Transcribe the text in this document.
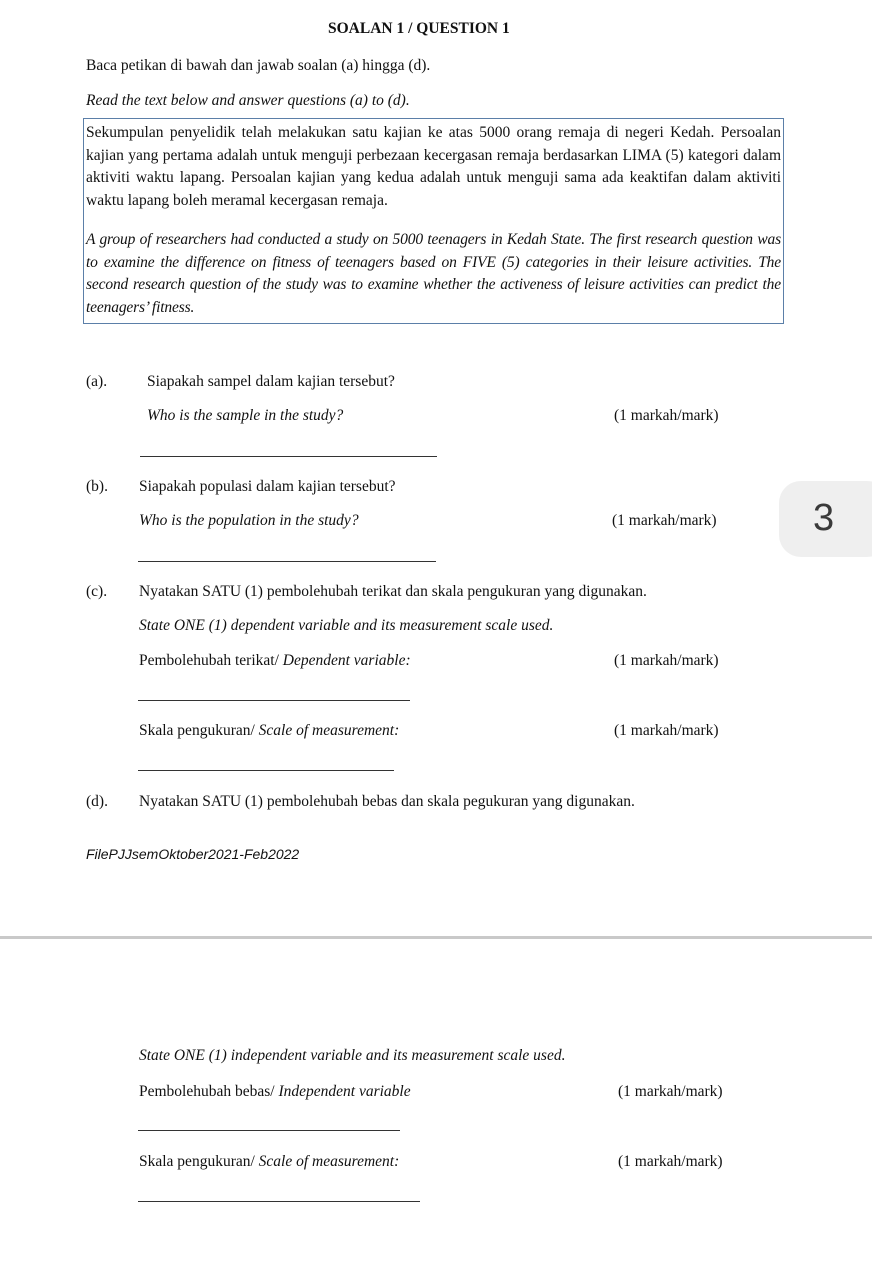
SOALAN 1 / QUESTION 1
Baca petikan di bawah dan jawab soalan (a) hingga (d).
Read the text below and answer questions (a) to (d).
Sekumpulan penyelidik telah melakukan satu kajian ke atas 5000 orang remaja di negeri Kedah. Persoalan kajian yang pertama adalah untuk menguji perbezaan kecergasan remaja berdasarkan LIMA (5) kategori dalam aktiviti waktu lapang. Persoalan kajian yang kedua adalah untuk menguji sama ada keaktifan dalam aktiviti waktu lapang boleh meramal kecergasan remaja.
A group of researchers had conducted a study on 5000 teenagers in Kedah State. The first research question was to examine the difference on fitness of teenagers based on FIVE (5) categories in their leisure activities. The second research question of the study was to examine whether the activeness of leisure activities can predict the teenagers’ fitness.
(a).	Siapakah sampel dalam kajian tersebut?
Who is the sample in the study?	(1 markah/mark)
(b). Siapakah populasi dalam kajian tersebut?
Who is the population in the study?	(1 markah/mark)
(c). Nyatakan SATU (1) pembolehubah terikat dan skala pengukuran yang digunakan.
State ONE (1) dependent variable and its measurement scale used.
Pembolehubah terikat/ Dependent variable:	(1 markah/mark)
Skala pengukuran/ Scale of measurement:	(1 markah/mark)
(d). Nyatakan SATU (1) pembolehubah bebas dan skala pegukuran yang digunakan.
FilePJJsemOktober2021-Feb2022
State ONE (1) independent variable and its measurement scale used.
Pembolehubah bebas/ Independent variable	(1 markah/mark)
Skala pengukuran/ Scale of measurement:	(1 markah/mark)
3
